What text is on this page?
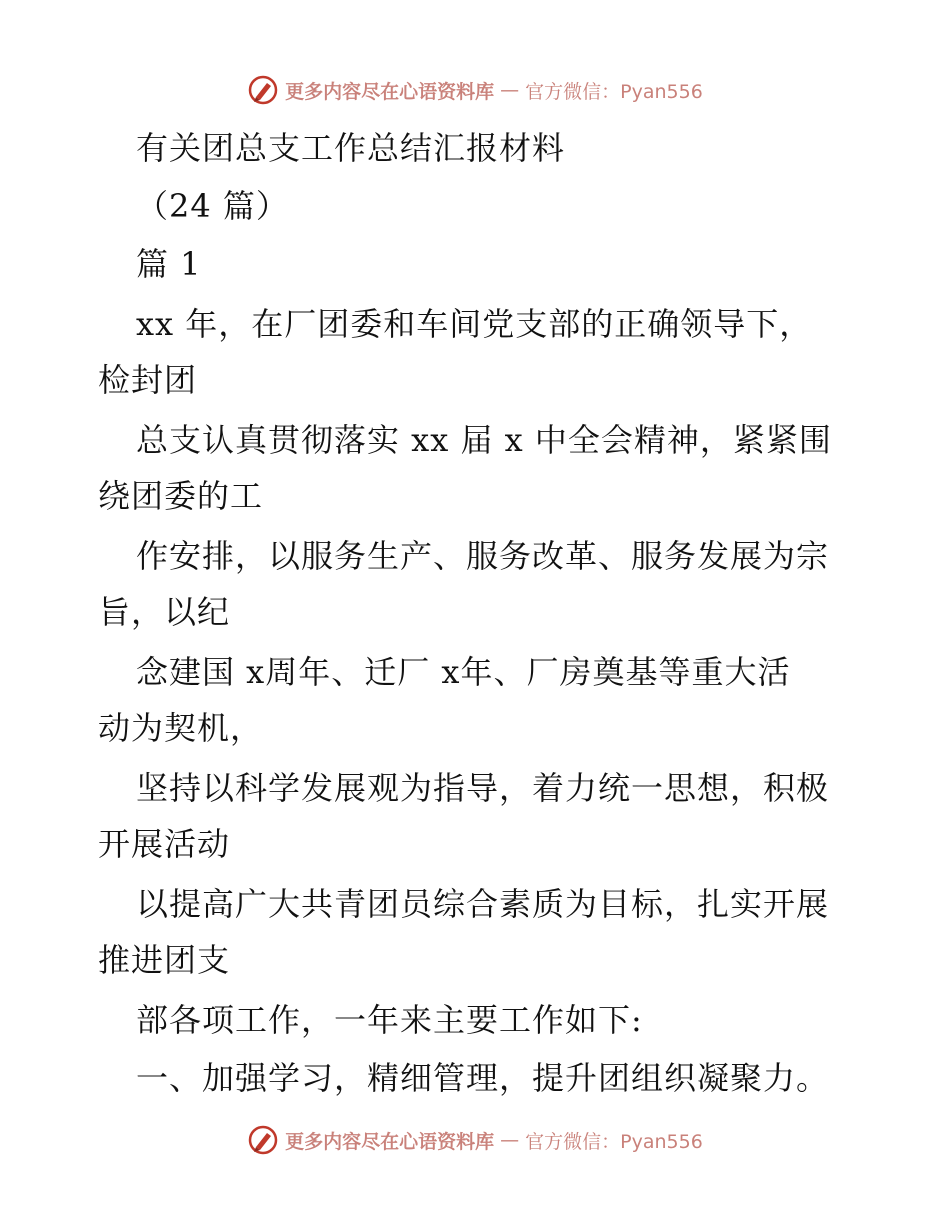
更多内容尽在心语资料库 — 官方微信：Pyan556
有关团总支工作总结汇报材料
（24 篇）
篇 1
xx 年，在厂团委和车间党支部的正确领导下，
检封团
总支认真贯彻落实 xx 届 x 中全会精神，紧紧围
绕团委的工
作安排，以服务生产、服务改革、服务发展为宗
旨，以纪
念建国 x周年、迁厂 x年、厂房奠基等重大活
动为契机，
坚持以科学发展观为指导，着力统一思想，积极
开展活动
以提高广大共青团员综合素质为目标，扎实开展
推进团支
部各项工作，一年来主要工作如下:
一、加强学习，精细管理，提升团组织凝聚力。
更多内容尽在心语资料库 — 官方微信：Pyan556
